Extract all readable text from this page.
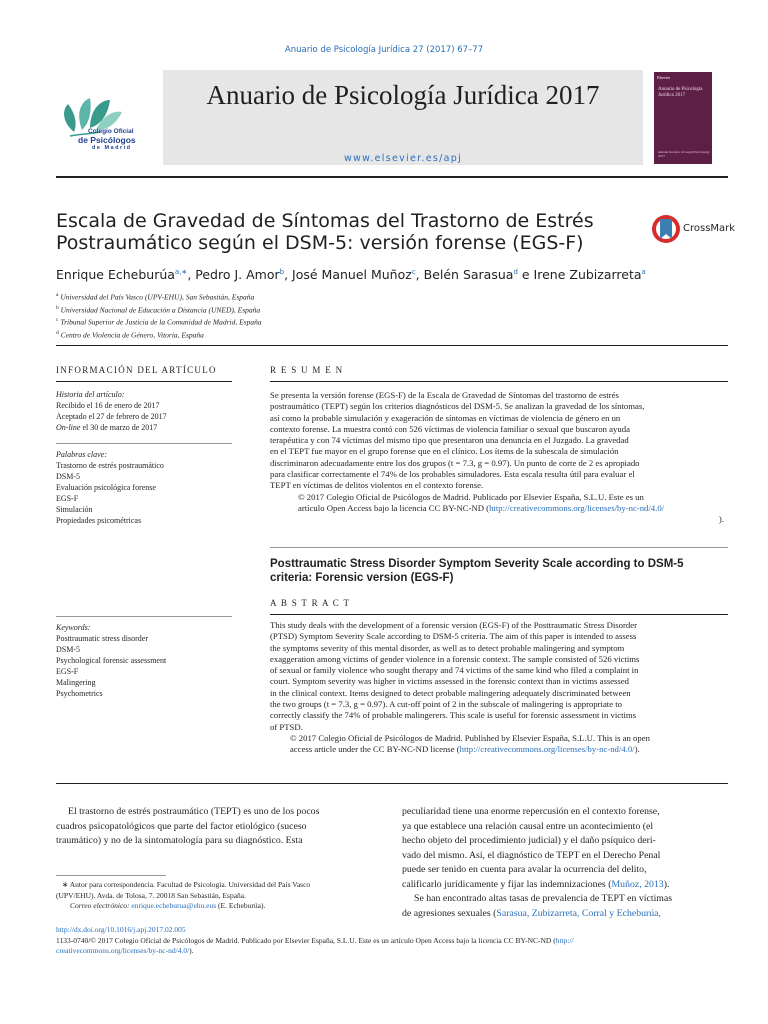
Anuario de Psicología Jurídica 27 (2017) 67–77
Colegio Oficial
de Psicólogos
de Madrid
Anuario de Psicología Jurídica 2017
www.elsevier.es/apj
Elsevier
Anuario de Psicología Jurídica 2017
Annual Review of Legal Psychology 2017
Escala de Gravedad de Síntomas del Trastorno de Estrés
Postraumático según el DSM-5: versión forense (EGS-F)
CrossMark
Enrique Echeburúa$^{a,∗}$, Pedro J. Amor$^b$, José Manuel Muñoz$^c$, Belén Sarasua$^d$ e Irene Zubizarreta$^a$
$^a$ Universidad del País Vasco (UPV-EHU), San Sebastián, España
$^b$ Universidad Nacional de Educación a Distancia (UNED), España
$^c$ Tribunal Superior de Justicia de la Comunidad de Madrid, España
$^d$ Centro de Violencia de Género, Vitoria, España
INFORMACIÓN DEL ARTÍCULO
Historia del artículo:
Recibido el 16 de enero de 2017
Aceptado el 27 de febrero de 2017
On-line el 30 de marzo de 2017
Palabras clave:
Trastorno de estrés postraumático
DSM-5
Evaluación psicológica forense
EGS-F
Simulación
Propiedades psicométricas
Keywords:
Posttraumatic stress disorder
DSM-5
Psychological forensic assessment
EGS-F
Malingering
Psychometrics
R E S U M E N
Se presenta la versión forense (EGS-F) de la Escala de Gravedad de Síntomas del trastorno de estrés
postraumático (TEPT) según los criterios diagnósticos del DSM-5. Se analizan la gravedad de los síntomas,
así como la probable simulación y exageración de síntomas en víctimas de violencia de género en un
contexto forense. La muestra contó con 526 víctimas de violencia familiar o sexual que buscaron ayuda
terapéutica y con 74 víctimas del mismo tipo que presentaron una denuncia en el Juzgado. La gravedad
en el TEPT fue mayor en el grupo forense que en el clínico. Los ítems de la subescala de simulación
discriminaron adecuadamente entre los dos grupos (t = 7.3, g = 0.97). Un punto de corte de 2 es apropiado
para clasificar correctamente el 74% de los probables simuladores. Esta escala resulta útil para evaluar el
TEPT en víctimas de delitos violentos en el contexto forense.
© 2017 Colegio Oficial de Psicólogos de Madrid. Publicado por Elsevier España, S.L.U. Este es un
artículo Open Access bajo la licencia CC BY-NC-ND (http://creativecommons.org/licenses/by-nc-nd/4.0/
).
Posttraumatic Stress Disorder Symptom Severity Scale according to DSM-5
criteria: Forensic version (EGS-F)
A B S T R A C T
This study deals with the development of a forensic version (EGS-F) of the Posttraumatic Stress Disorder
(PTSD) Symptom Severity Scale according to DSM-5 criteria. The aim of this paper is intended to assess
the symptoms severity of this mental disorder, as well as to detect probable malingering and symptom
exaggeration among victims of gender violence in a forensic context. The sample consisted of 526 victims
of sexual or family violence who sought therapy and 74 victims of the same kind who filed a complaint in
court. Symptom severity was higher in victims assessed in the forensic context than in victims assessed
in the clinical context. Items designed to detect probable malingering adequately discriminated between
the two groups (t = 7.3, g = 0.97). A cut-off point of 2 in the subscale of malingering is appropriate to
correctly classify the 74% of probable malingerers. This scale is useful for forensic assessment in victims
of PTSD.
© 2017 Colegio Oficial de Psicólogos de Madrid. Published by Elsevier España, S.L.U. This is an open
access article under the CC BY-NC-ND license (http://creativecommons.org/licenses/by-nc-nd/4.0/).
El trastorno de estrés postraumático (TEPT) es uno de los pocos
cuadros psicopatológicos que parte del factor etiológico (suceso
traumático) y no de la sintomatología para su diagnóstico. Esta
peculiaridad tiene una enorme repercusión en el contexto forense,
ya que establece una relación causal entre un acontecimiento (el
hecho objeto del procedimiento judicial) y el daño psíquico deri-
vado del mismo. Así, el diagnóstico de TEPT en el Derecho Penal
puede ser tenido en cuenta para avalar la ocurrencia del delito,
calificarlo jurídicamente y fijar las indemnizaciones (Muñoz, 2013).
Se han encontrado altas tasas de prevalencia de TEPT en víctimas
de agresiones sexuales (Sarasua, Zubizarreta, Corral y Echeburúa,
∗ Autor para correspondencia. Facultad de Psicología. Universidad del País Vasco
(UPV/EHU). Avda. de Tolosa, 7. 20018 San Sebastián, España.
Correo electrónico: enrique.echeburua@ehu.eus (E. Echeburúa).
http://dx.doi.org/10.1016/j.apj.2017.02.005
1133-0740/© 2017 Colegio Oficial de Psicólogos de Madrid. Publicado por Elsevier España, S.L.U. Este es un artículo Open Access bajo la licencia CC BY-NC-ND (http://
creativecommons.org/licenses/by-nc-nd/4.0/).
